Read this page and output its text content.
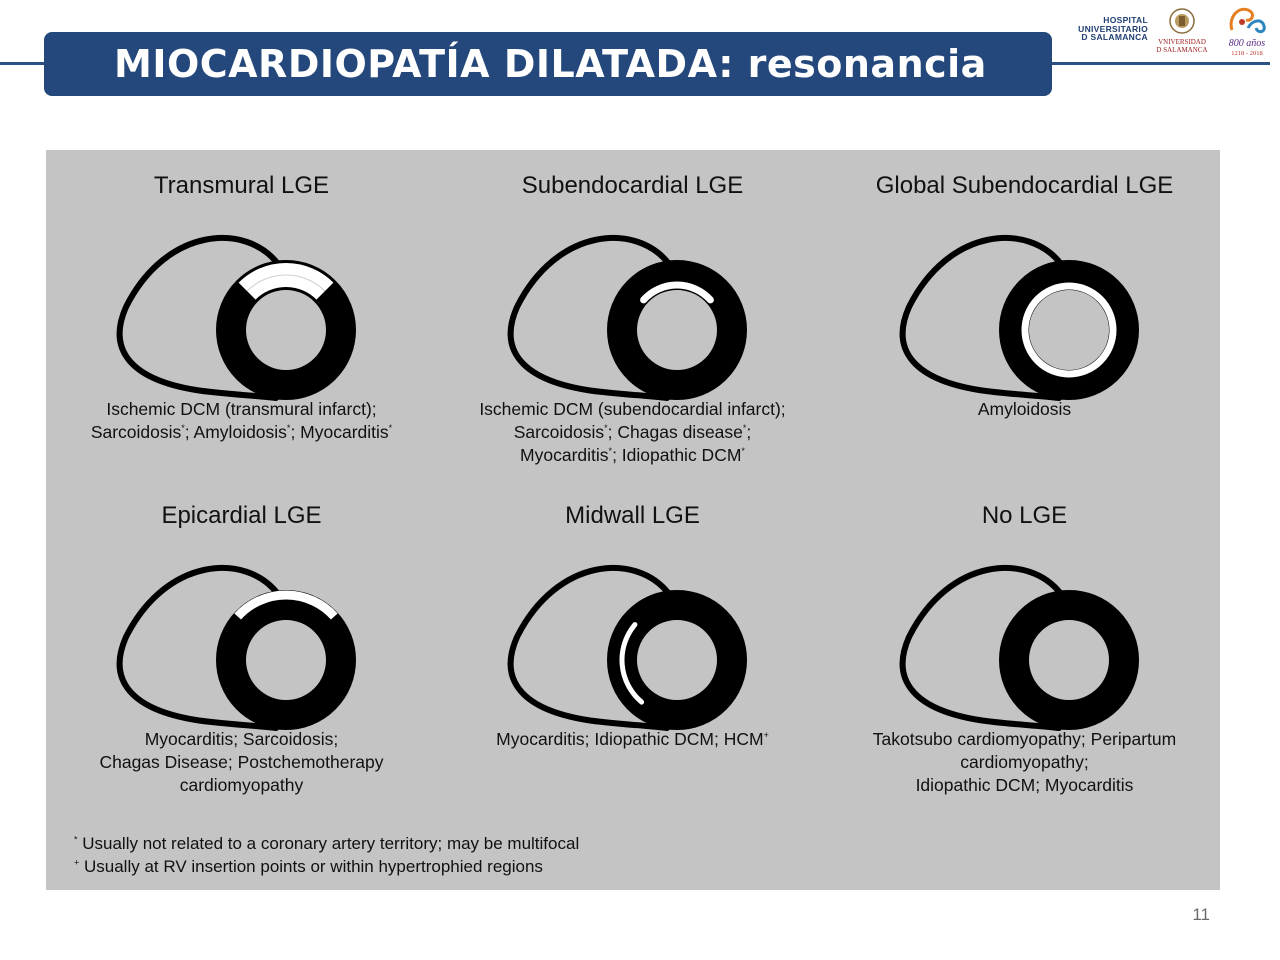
MIOCARDIOPATÍA DILATADA: resonancia
HOSPITAL
UNIVERSITARIO
D SALAMANCA	VNIVERSIDAD
D SALAMANCA
800 años
1218 - 2018
* Usually not related to a coronary artery territory; may be multifocal
+ Usually at RV insertion points or within hypertrophied regions
Transmural LGE
Ischemic DCM (transmural infarct);
Sarcoidosis*; Amyloidosis*; Myocarditis*
Subendocardial LGE
Ischemic DCM (subendocardial infarct);
Sarcoidosis*; Chagas disease*;
Myocarditis*; Idiopathic DCM*
Global Subendocardial LGE
Amyloidosis
Epicardial LGE
Myocarditis; Sarcoidosis;
Chagas Disease; Postchemotherapy
cardiomyopathy
Midwall LGE
Myocarditis; Idiopathic DCM; HCM+
No LGE
Takotsubo cardiomyopathy; Peripartum
cardiomyopathy;
Idiopathic DCM; Myocarditis
11
